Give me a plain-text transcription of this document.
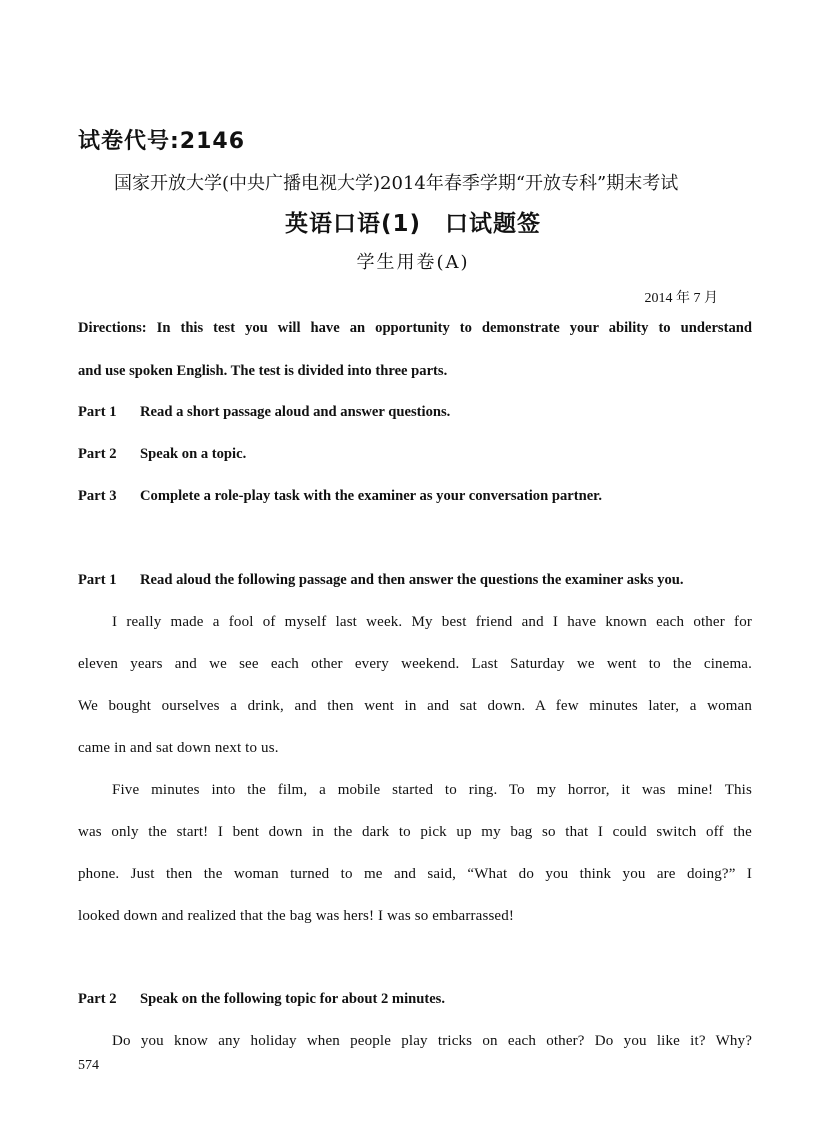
试卷代号:2146
国家开放大学(中央广播电视大学)2014年春季学期“开放专科”期末考试
英语口语(1)　口试题签
学生用卷(A)
2014 年 7 月
Directions: In this test you will have an opportunity to demonstrate your ability to understand
and use spoken English. The test is divided into three parts.
Part 1 Read a short passage aloud and answer questions.
Part 2 Speak on a topic.
Part 3 Complete a role-play task with the examiner as your conversation partner.
Part 1 Read aloud the following passage and then answer the questions the examiner asks you.
I really made a fool of myself last week. My best friend and I have known each other for
eleven years and we see each other every weekend. Last Saturday we went to the cinema.
We bought ourselves a drink, and then went in and sat down. A few minutes later, a woman
came in and sat down next to us.
Five minutes into the film, a mobile started to ring. To my horror, it was mine! This
was only the start! I bent down in the dark to pick up my bag so that I could switch off the
phone. Just then the woman turned to me and said, “What do you think you are doing?” I
looked down and realized that the bag was hers! I was so embarrassed!
Part 2 Speak on the following topic for about 2 minutes.
Do you know any holiday when people play tricks on each other? Do you like it? Why?
574
